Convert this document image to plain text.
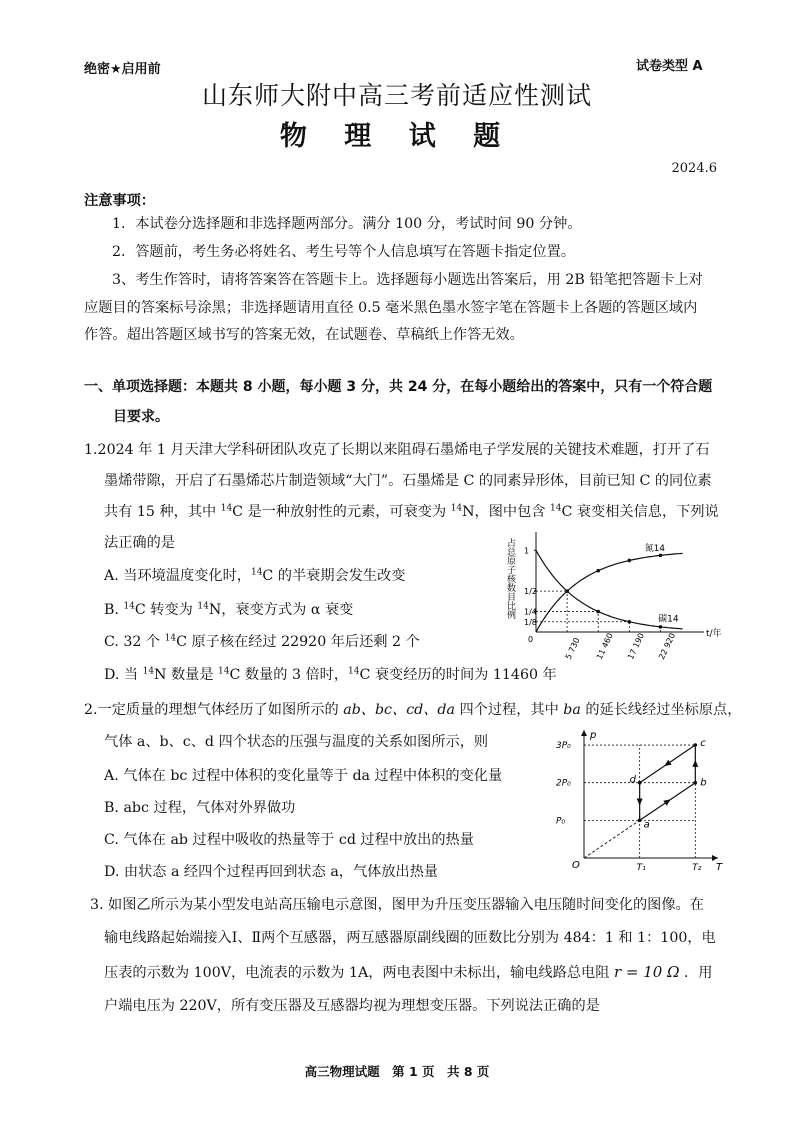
绝密★启用前	试卷类型 A
山东师大附中高三考前适应性测试
物 理 试 题
2024.6
注意事项：
1．本试卷分选择题和非选择题两部分。满分 100 分，考试时间 90 分钟。
2．答题前，考生务必将姓名、考生号等个人信息填写在答题卡指定位置。
3、考生作答时，请将答案答在答题卡上。选择题每小题选出答案后，用 2B 铅笔把答题卡上对
应题目的答案标号涂黑；非选择题请用直径 0.5 毫米黑色墨水签字笔在答题卡上各题的答题区域内
作答。超出答题区域书写的答案无效，在试题卷、草稿纸上作答无效。
一、单项选择题：本题共 8 小题，每小题 3 分，共 24 分，在每小题给出的答案中，只有一个符合题
目要求。
1.2024 年 1 月天津大学科研团队攻克了长期以来阻碍石墨烯电子学发展的关键技术难题，打开了石
墨烯带隙，开启了石墨烯芯片制造领域“大门”。石墨烯是 C 的同素异形体，目前已知 C 的同位素
共有 15 种，其中 $^{14}$C 是一种放射性的元素，可衰变为 $^{14}$N，图中包含 $^{14}$C 衰变相关信息，下列说
法正确的是
A. 当环境温度变化时，$^{14}$C 的半衰期会发生改变
B. $^{14}$C 转变为 $^{14}$N，衰变方式为 α 衰变
C. 32 个 $^{14}$C 原子核在经过 22920 年后还剩 2 个
D. 当 $^{14}$N 数量是 $^{14}$C 数量的 3 倍时，$^{14}$C 衰变经历的时间为 11460 年
t/年
占总原子核数目比例
0
1
1/2
1/4
1/8
5 730 11 460 17 190 22 920
氮14
碳14
2.一定质量的理想气体经历了如图所示的 ab、bc、cd、da 四个过程，其中 ba 的延长线经过坐标原点，
气体 a、b、c、d 四个状态的压强与温度的关系如图所示，则
A. 气体在 bc 过程中体积的变化量等于 da 过程中体积的变化量
B. abc 过程，气体对外界做功
C. 气体在 ab 过程中吸收的热量等于 cd 过程中放出的热量
D. 由状态 a 经四个过程再回到状态 a，气体放出热量	T
p
O
3P₀
2P₀
P₀
T₁	T₂
a
b
c
d
3. 如图乙所示为某小型发电站高压输电示意图，图甲为升压变压器输入电压随时间变化的图像。在
输电线路起始端接入Ⅰ、Ⅱ两个互感器，两互感器原副线圈的匝数比分别为 484：1 和 1：100，电
压表的示数为 100V，电流表的示数为 1A，两电表图中未标出，输电线路总电阻 r = 10 Ω ．用
户端电压为 220V，所有变压器及互感器均视为理想变压器。下列说法正确的是
高三物理试题　第 1 页　共 8 页
